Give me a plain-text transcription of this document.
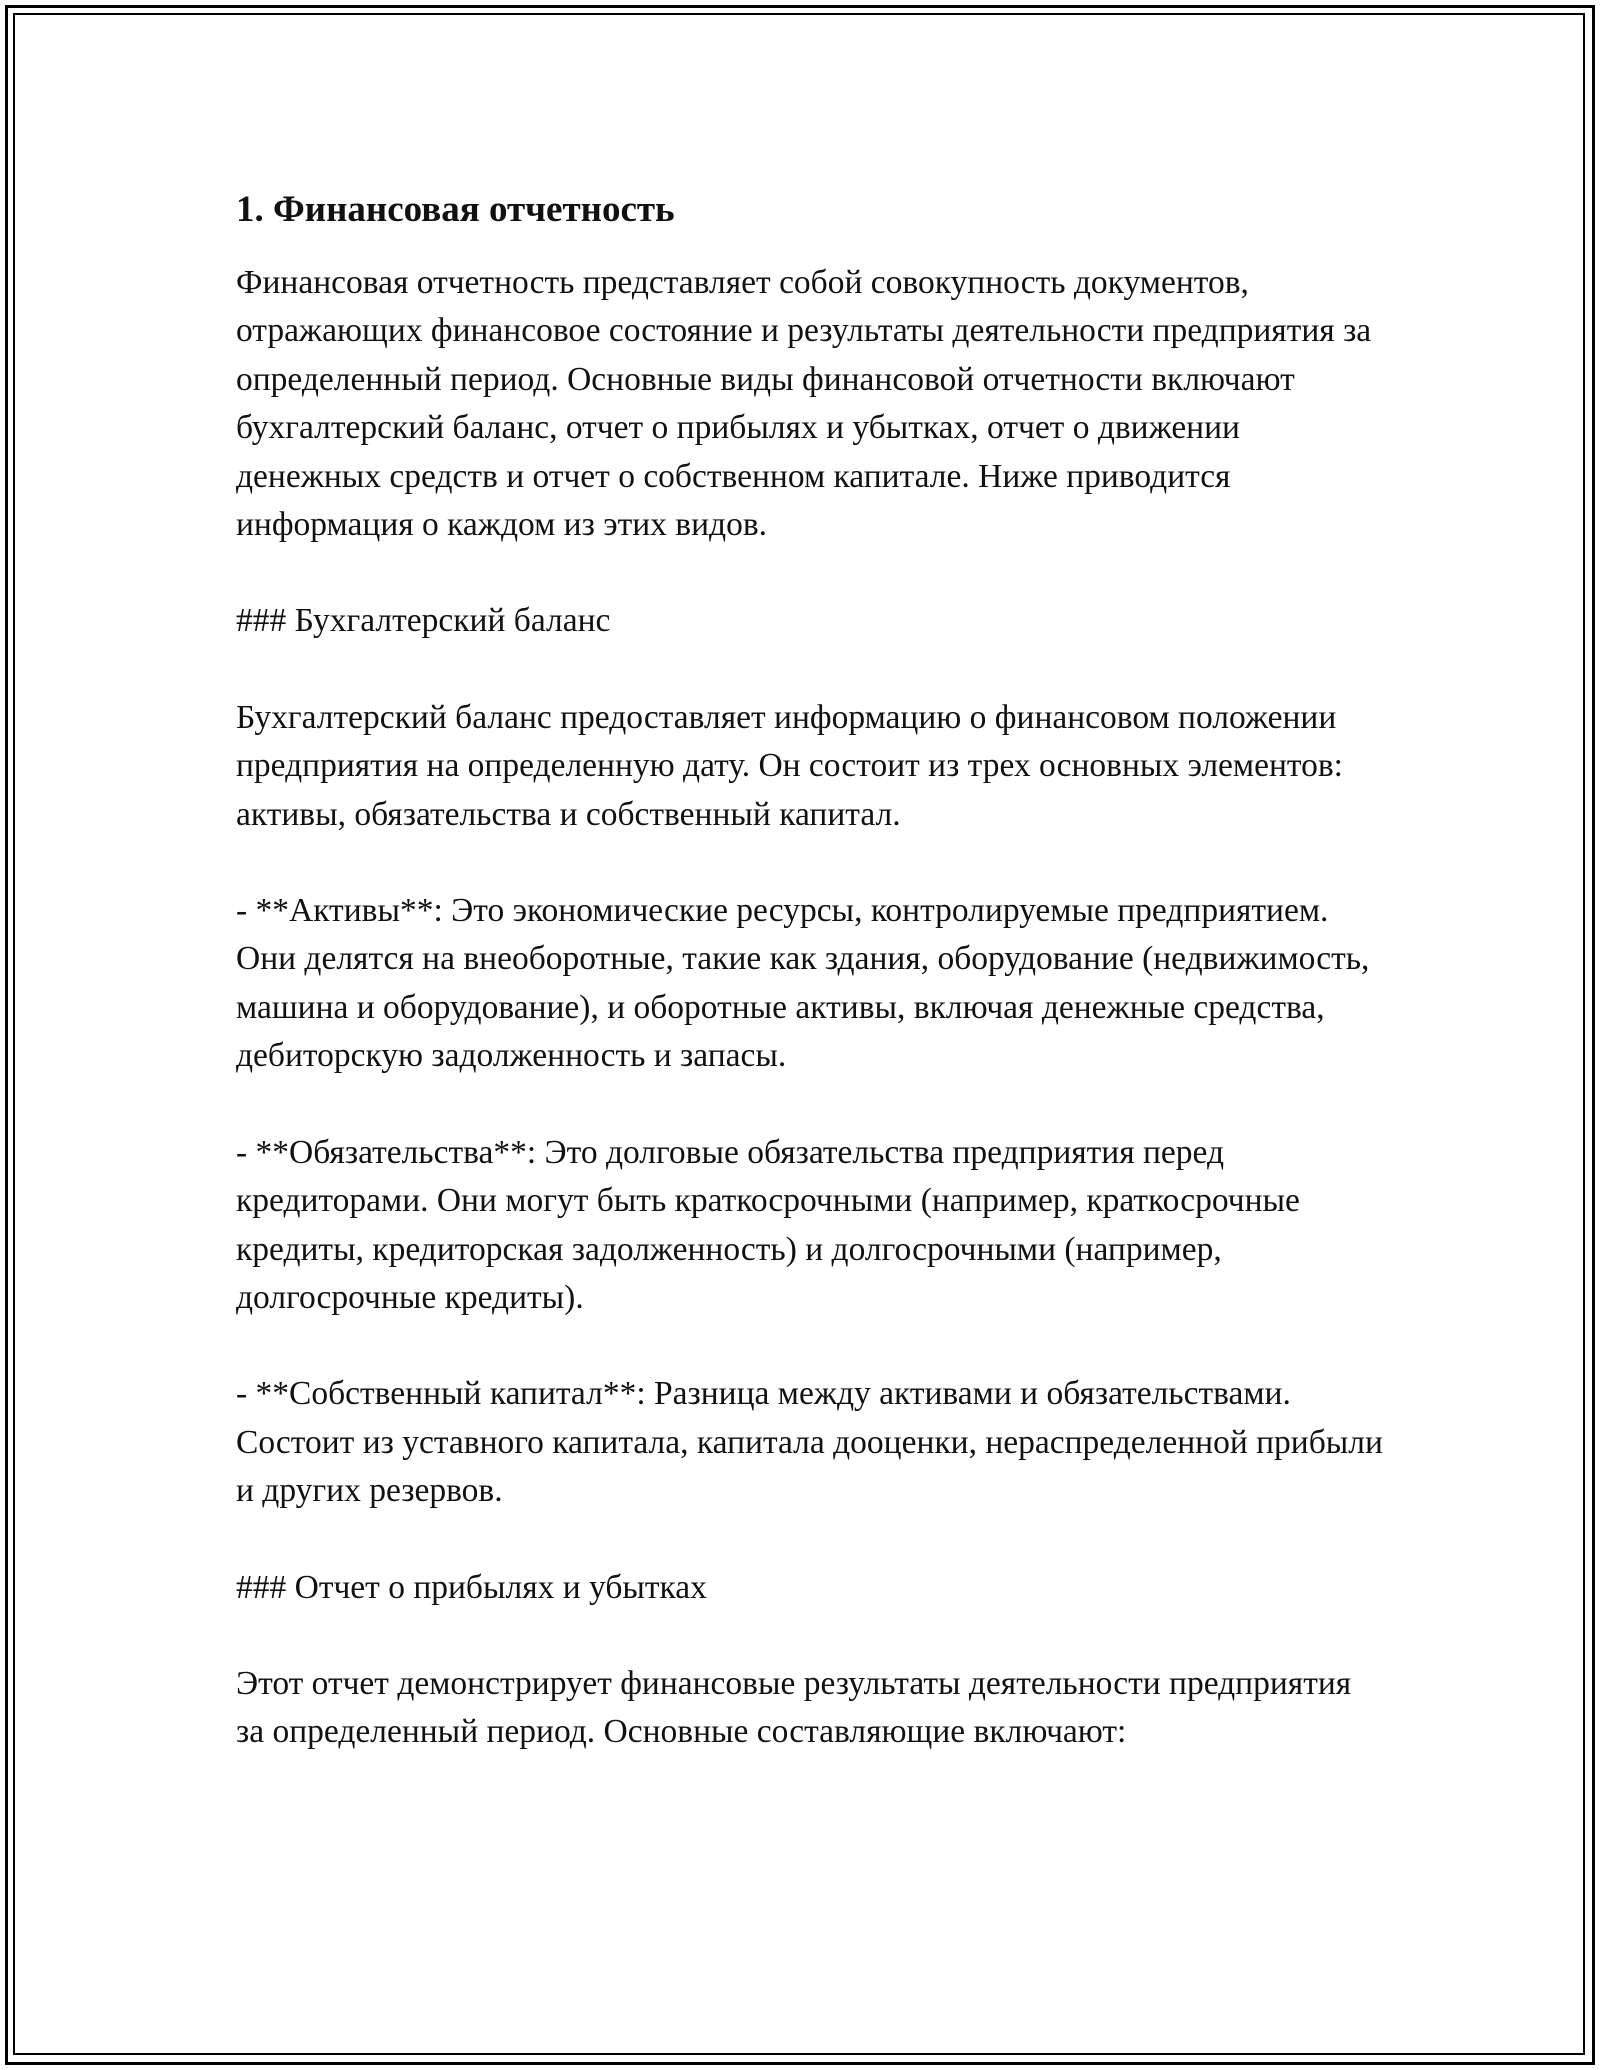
1. Финансовая отчетность

Финансовая отчетность представляет собой совокупность документов, отражающих финансовое состояние и результаты деятельности предприятия за определенный период. Основные виды финансовой отчетности включают бухгалтерский баланс, отчет о прибылях и убытках, отчет о движении денежных средств и отчет о собственном капитале. Ниже приводится информация о каждом из этих видов.

### Бухгалтерский баланс

Бухгалтерский баланс предоставляет информацию о финансовом положении предприятия на определенную дату. Он состоит из трех основных элементов: активы, обязательства и собственный капитал.

- **Активы**: Это экономические ресурсы, контролируемые предприятием. Они делятся на внеоборотные, такие как здания, оборудование (недвижимость, машина и оборудование), и оборотные активы, включая денежные средства, дебиторскую задолженность и запасы.

- **Обязательства**: Это долговые обязательства предприятия перед кредиторами. Они могут быть краткосрочными (например, краткосрочные кредиты, кредиторская задолженность) и долгосрочными (например, долгосрочные кредиты).

- **Собственный капитал**: Разница между активами и обязательствами. Состоит из уставного капитала, капитала дооценки, нераспределенной прибыли и других резервов.

### Отчет о прибылях и убытках

Этот отчет демонстрирует финансовые результаты деятельности предприятия за определенный период. Основные составляющие включают:
